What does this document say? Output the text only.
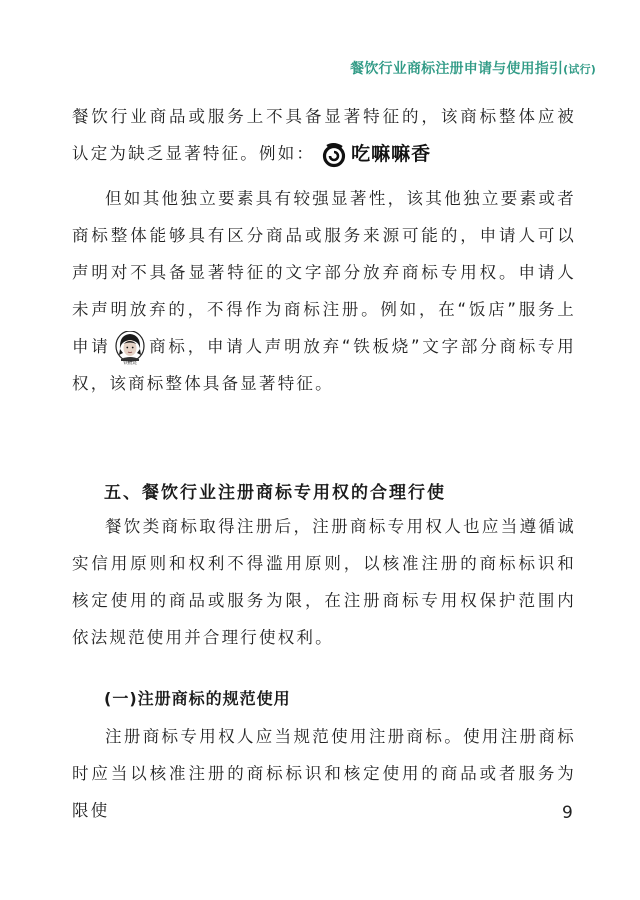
餐饮行业商标注册申请与使用指引(试行)
餐饮行业商品或服务上不具备显著特征的，该商标整体应被认定为缺乏显著特征。例如： 吃嘛嘛香
但如其他独立要素具有较强显著性，该其他独立要素或者商标整体能够具有区分商品或服务来源可能的，申请人可以声明对不具备显著特征的文字部分放弃商标专用权。申请人未声明放弃的，不得作为商标注册。例如，在“饭店”服务上申请
铁板烧
商标，申请人声明放弃“铁板烧”文字部分商标专用权，该商标整体具备显著特征。
五、餐饮行业注册商标专用权的合理行使
餐饮类商标取得注册后，注册商标专用权人也应当遵循诚实信用原则和权利不得滥用原则，以核准注册的商标标识和核定使用的商品或服务为限，在注册商标专用权保护范围内依法规范使用并合理行使权利。
(一)注册商标的规范使用
注册商标专用权人应当规范使用注册商标。使用注册商标时应当以核准注册的商标标识和核定使用的商品或者服务为限使	9
